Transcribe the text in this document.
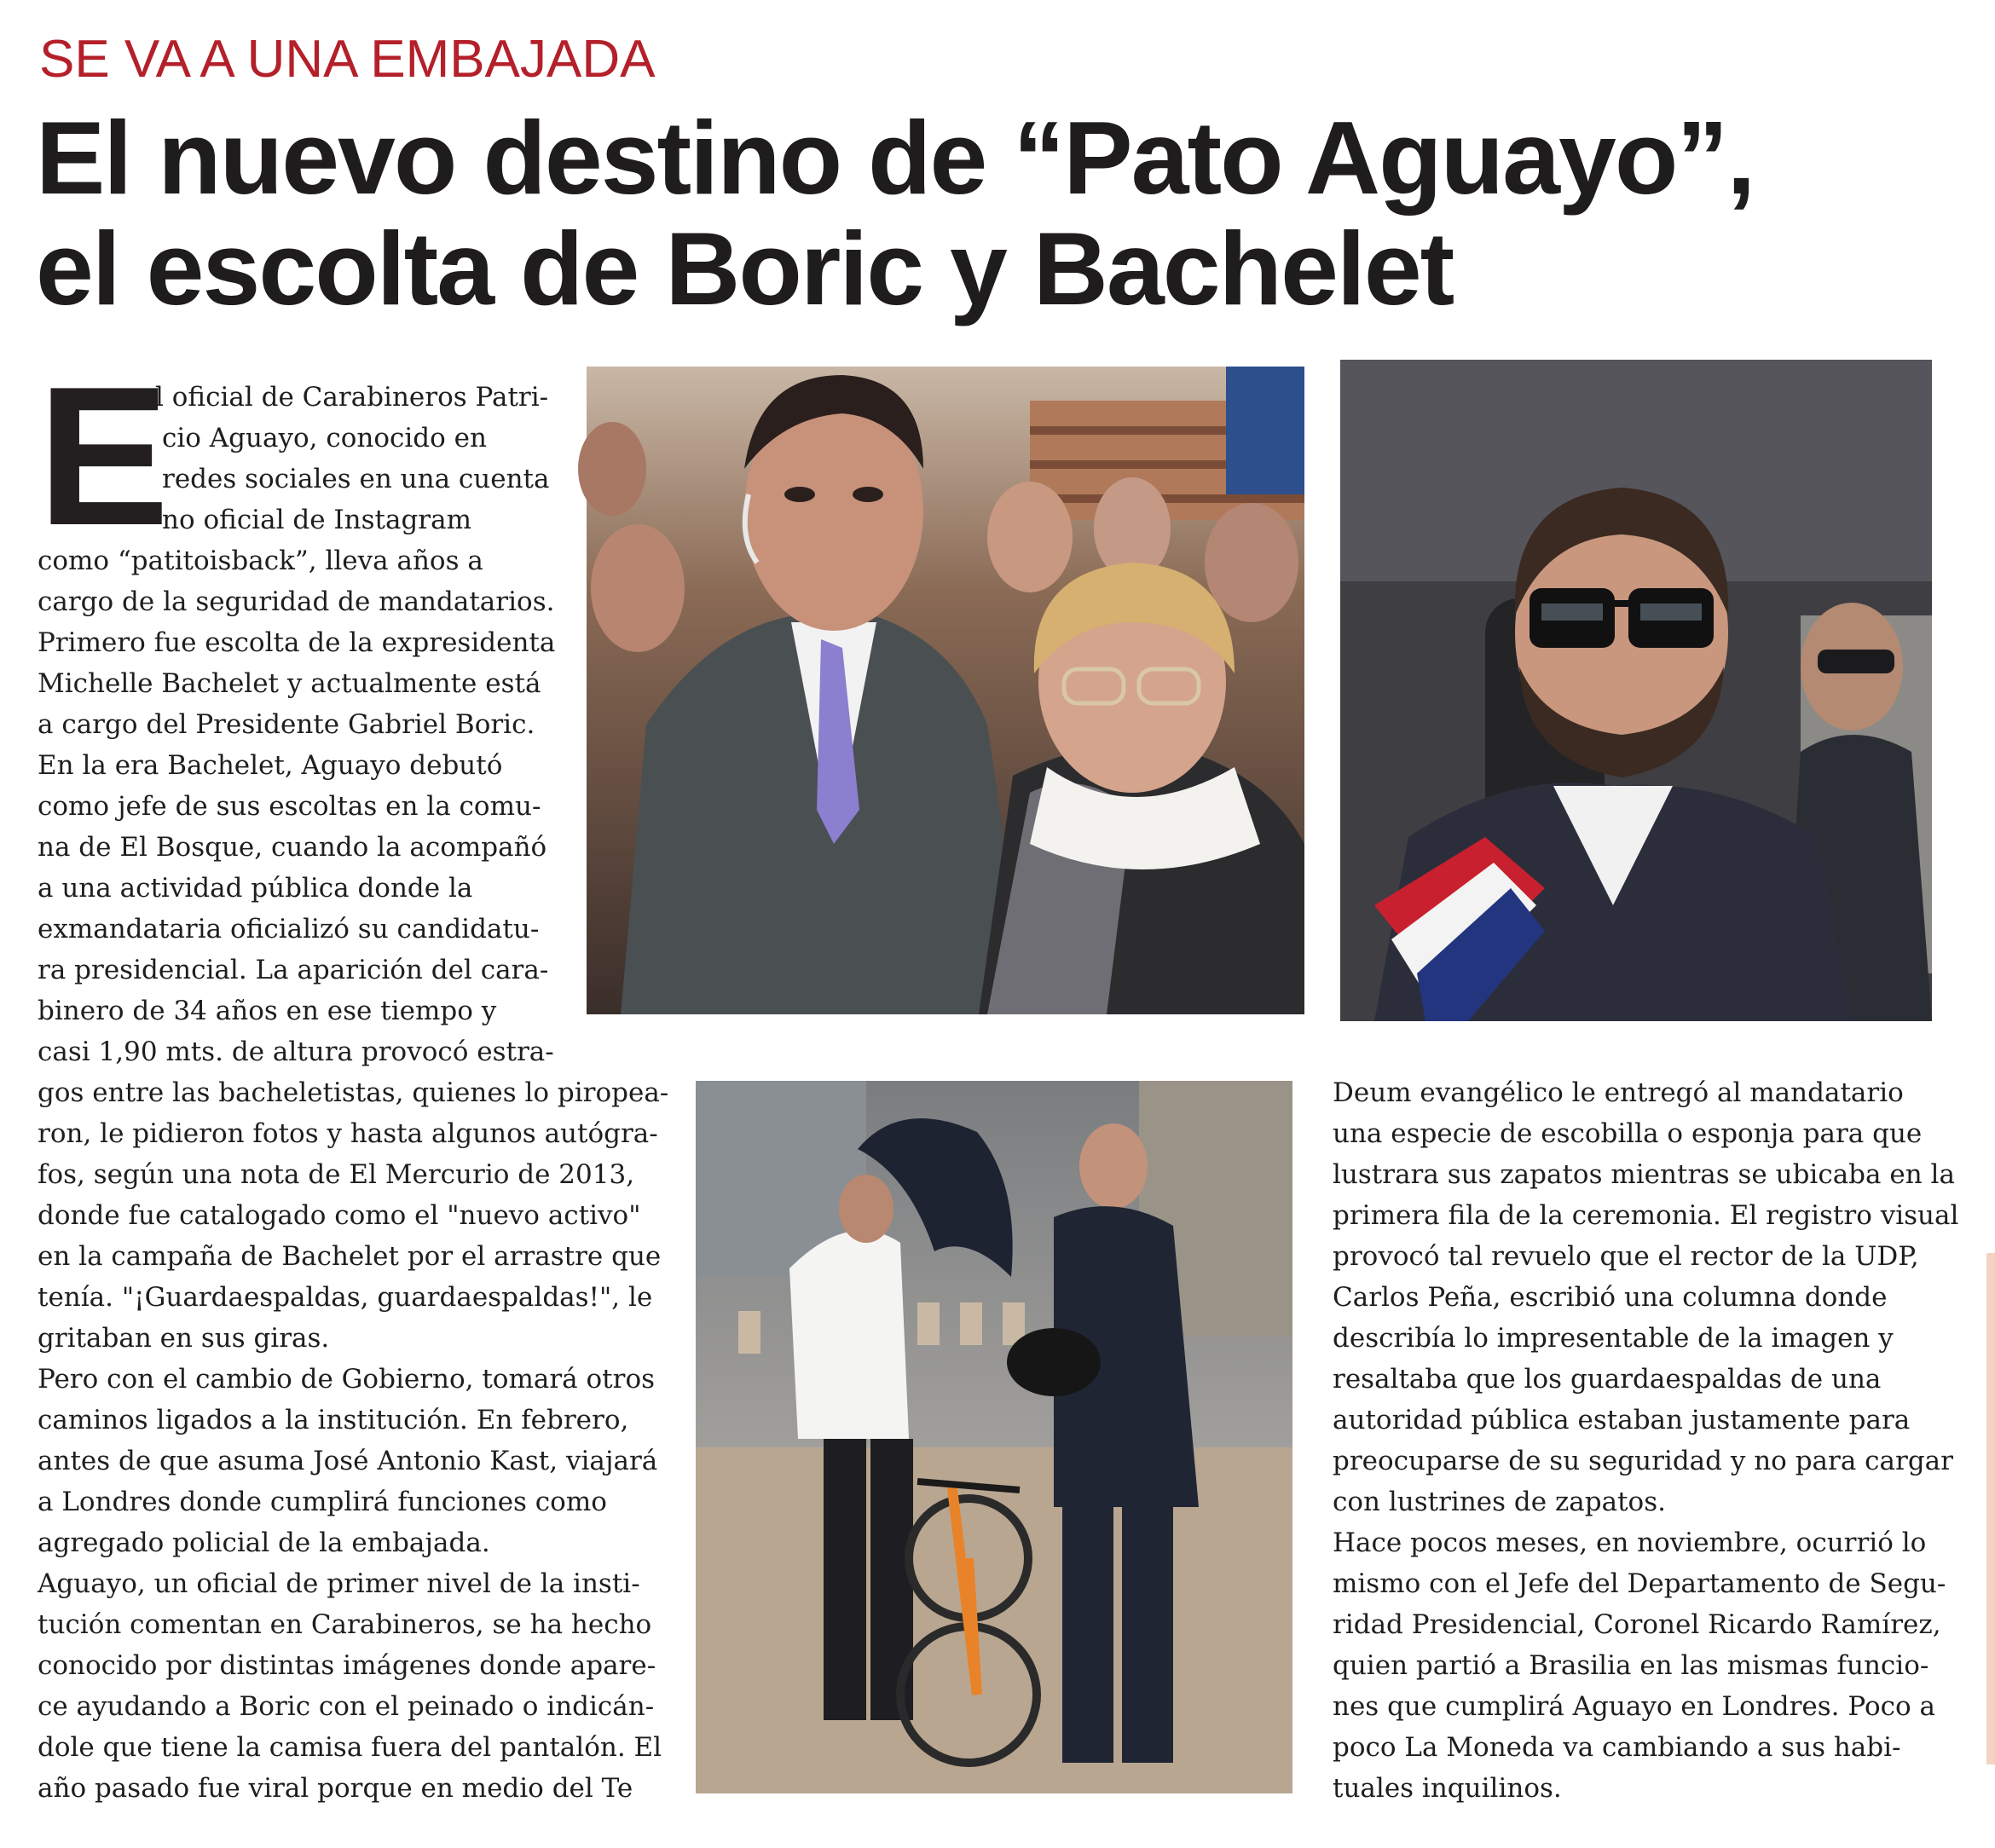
SE VA A UNA EMBAJADA
El nuevo destino de “Pato Aguayo”,
el escolta de Boric y Bachelet
E
l oficial de Carabineros Patri-
cio Aguayo, conocido en
redes sociales en una cuenta
no oficial de Instagram
como “patitoisback”, lleva años a
cargo de la seguridad de mandatarios.
Primero fue escolta de la expresidenta
Michelle Bachelet y actualmente está
a cargo del Presidente Gabriel Boric.
En la era Bachelet, Aguayo debutó
como jefe de sus escoltas en la comu-
na de El Bosque, cuando la acompañó
a una actividad pública donde la
exmandataria oficializó su candidatu-
ra presidencial. La aparición del cara-
binero de 34 años en ese tiempo y
casi 1,90 mts. de altura provocó estra-
gos entre las bacheletistas, quienes lo piropea-
ron, le pidieron fotos y hasta algunos autógra-
fos, según una nota de El Mercurio de 2013,
donde fue catalogado como el "nuevo activo"
en la campaña de Bachelet por el arrastre que
tenía. "¡Guardaespaldas, guardaespaldas!", le
gritaban en sus giras.
Pero con el cambio de Gobierno, tomará otros
caminos ligados a la institución. En febrero,
antes de que asuma José Antonio Kast, viajará
a Londres donde cumplirá funciones como
agregado policial de la embajada.
Aguayo, un oficial de primer nivel de la insti-
tución comentan en Carabineros, se ha hecho
conocido por distintas imágenes donde apare-
ce ayudando a Boric con el peinado o indicán-
dole que tiene la camisa fuera del pantalón. El
año pasado fue viral porque en medio del Te
Deum evangélico le entregó al mandatario
una especie de escobilla o esponja para que
lustrara sus zapatos mientras se ubicaba en la
primera fila de la ceremonia. El registro visual
provocó tal revuelo que el rector de la UDP,
Carlos Peña, escribió una columna donde
describía lo impresentable de la imagen y
resaltaba que los guardaespaldas de una
autoridad pública estaban justamente para
preocuparse de su seguridad y no para cargar
con lustrines de zapatos.
Hace pocos meses, en noviembre, ocurrió lo
mismo con el Jefe del Departamento de Segu-
ridad Presidencial, Coronel Ricardo Ramírez,
quien partió a Brasilia en las mismas funcio-
nes que cumplirá Aguayo en Londres. Poco a
poco La Moneda va cambiando a sus habi-
tuales inquilinos.
